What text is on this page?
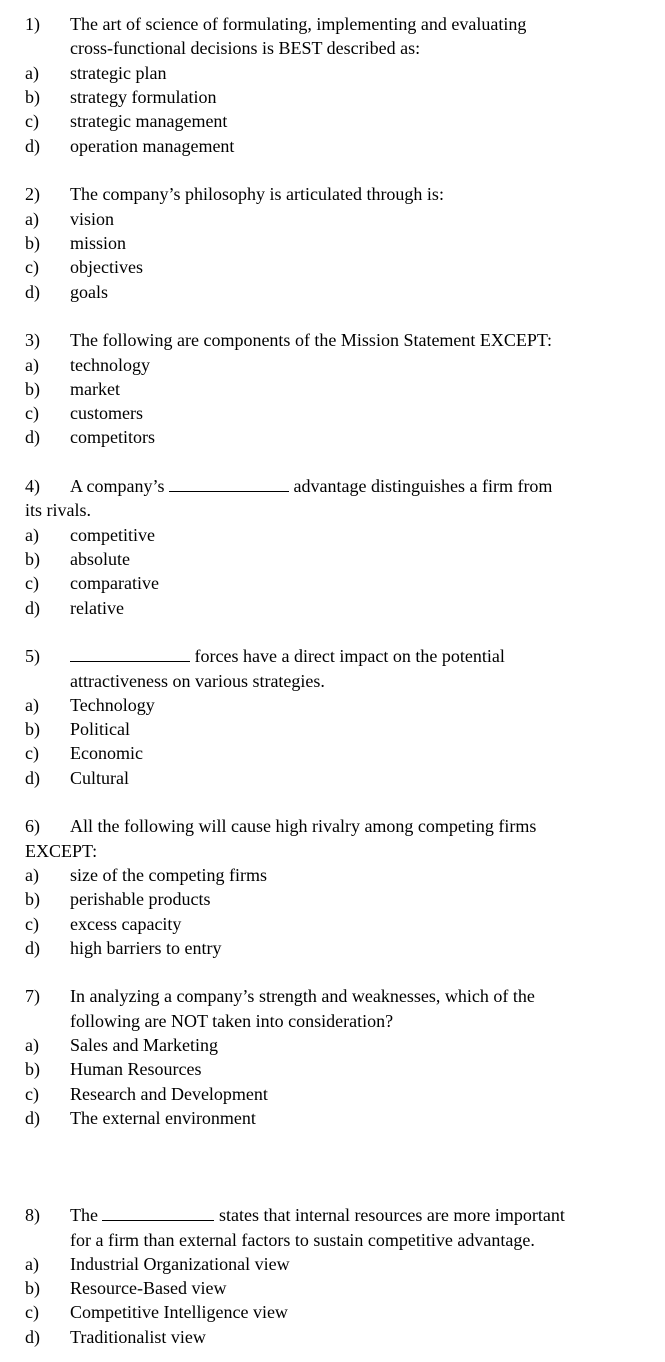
1) The art of science of formulating, implementing and evaluating
cross-functional decisions is BEST described as:
a) strategic plan
b) strategy formulation
c) strategic management
d) operation management
2) The company’s philosophy is articulated through is:
a) vision
b) mission
c) objectives
d) goals
3) The following are components of the Mission Statement EXCEPT:
a) technology
b) market
c) customers
d) competitors
4) A company’s	advantage distinguishes a firm from
its rivals.
a) competitive
b) absolute
c) comparative
d) relative
5)	forces have a direct impact on the potential
attractiveness on various strategies.
a) Technology
b) Political
c) Economic
d) Cultural
6) All the following will cause high rivalry among competing firms
EXCEPT:
a) size of the competing firms
b) perishable products
c) excess capacity
d) high barriers to entry
7) In analyzing a company’s strength and weaknesses, which of the
following are NOT taken into consideration?
a) Sales and Marketing
b) Human Resources
c) Research and Development
d) The external environment
8) The	states that internal resources are more important
for a firm than external factors to sustain competitive advantage.
a) Industrial Organizational view
b) Resource-Based view
c) Competitive Intelligence view
d) Traditionalist view
